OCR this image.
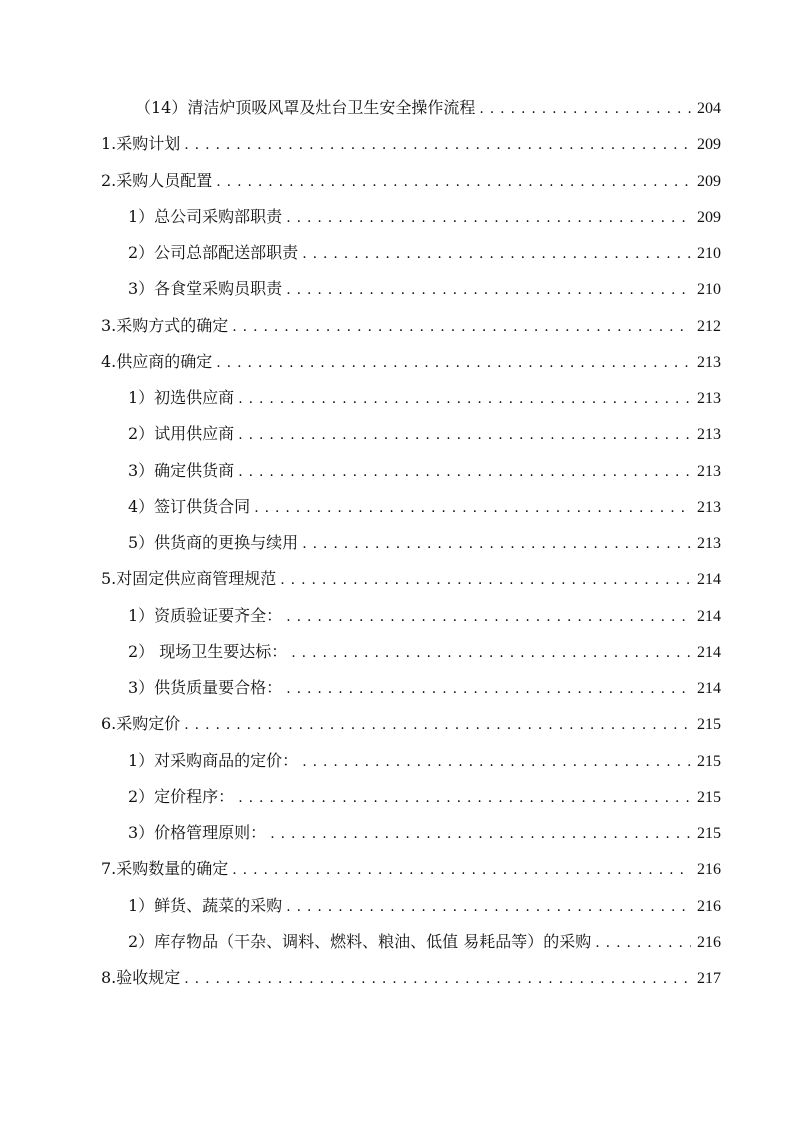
（14）清洁炉顶吸风罩及灶台卫生安全操作流程 . . .	204
1.采购计划 . . .	209
2.采购人员配置 . . .	209
1）总公司采购部职责 . . .	209
2）公司总部配送部职责 . . .	210
3）各食堂采购员职责 . . .	210
3.采购方式的确定 . . .	212
4.供应商的确定 . . .	213
1）初选供应商 . . .	213
2）试用供应商 . . .	213
3）确定供货商 . . .	213
4）签订供货合同 . . .	213
5）供货商的更换与续用 . . .	213
5.对固定供应商管理规范 . . .	214
1）资质验证要齐全： . . .	214
2） 现场卫生要达标： . . .	214
3）供货质量要合格： . . .	214
6.采购定价 . . .	215
1）对采购商品的定价： . . .	215
2）定价程序： . . .	215
3）价格管理原则： . . .	215
7.采购数量的确定 . . .	216
1）鲜货、蔬菜的采购 . . .	216
2）库存物品（干杂、调料、燃料、粮油、低值 易耗品等）的采购 . . .	216
8.验收规定 . . .	217
